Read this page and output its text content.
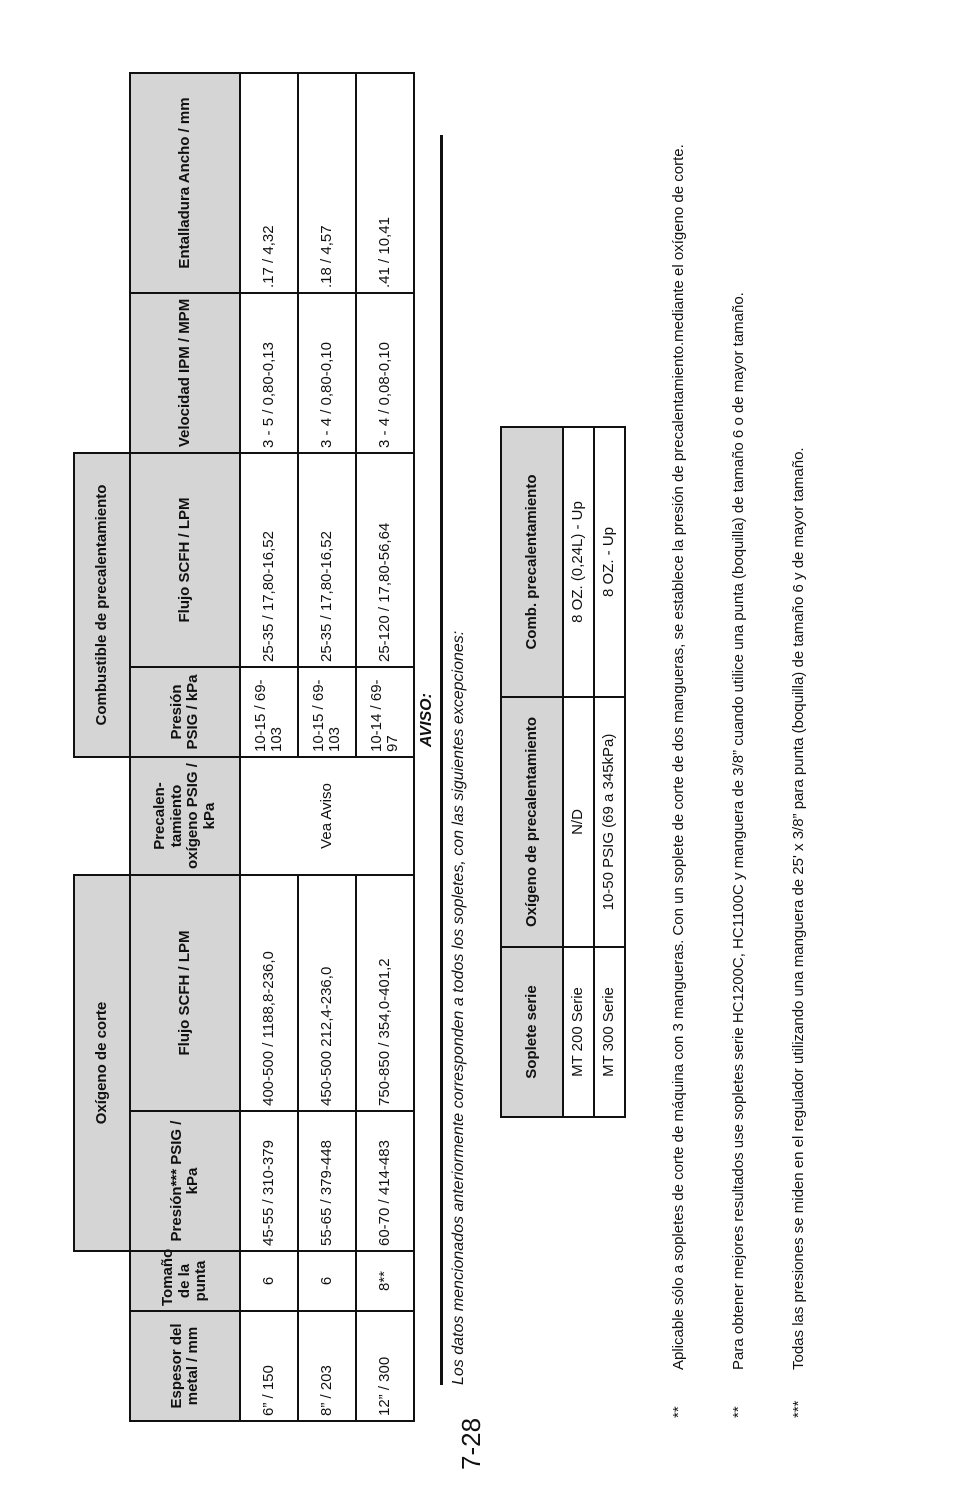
		Oxígeno de corte			Combustible de precalentamiento			
Espesor del metal / mm	Tomaño de la punta	Presión*** PSIG / kPa	Flujo SCFH / LPM	Precalen- tamiento oxígeno PSIG / kPa	Presión PSIG / kPa	Flujo SCFH / LPM	Velocidad IPM / MPM	Entalladura Ancho / mm
6” / 150	6	45-55 / 310-379	400-500 / 1188,8-236,0	Vea Aviso	10-15 / 69-103	25-35 / 17,80-16,52	3 - 5 / 0,80-0,13	.17 / 4,32
8” / 203	6	55-65 / 379-448	450-500 212,4-236,0		10-15 / 69-103	25-35 / 17,80-16,52	3 - 4 / 0,80-0,10	.18 / 4,57
12” / 300	8**	60-70 / 414-483	750-850 / 354,0-401,2		10-14 / 69-97	25-120 / 17,80-56,64	3 - 4 / 0,08-0,10	.41 / 10,41
AVISO: Los datos mencionados anteriormente corresponden a todos los sopletes, con las siguientes excepciones:	Soplete serie	Oxígeno de precalentamiento	Comb. precalentamiento
MT 200 Serie	N/D	8 OZ. (0,24L) - Up
MT 300 Serie	10-50 PSIG (69 a 345kPa)	8 OZ. - Up
**
Aplicable sólo a sopletes de corte de máquina con 3 mangueras. Con un soplete de corte de dos mangueras, se establece la presión de precalentamiento.mediante el oxígeno de corte.
**
Para obtener mejores resultados use sopletes serie HC1200C, HC1100C y manguera de 3/8” cuando utilice una punta (boquilla) de tamaño 6 o de mayor tamaño.
***
Todas las presiones se miden en el regulador utilizando una manguera de 25' x 3/8” para punta (boquilla) de tamaño 6 y de mayor tamaño.
7-28
